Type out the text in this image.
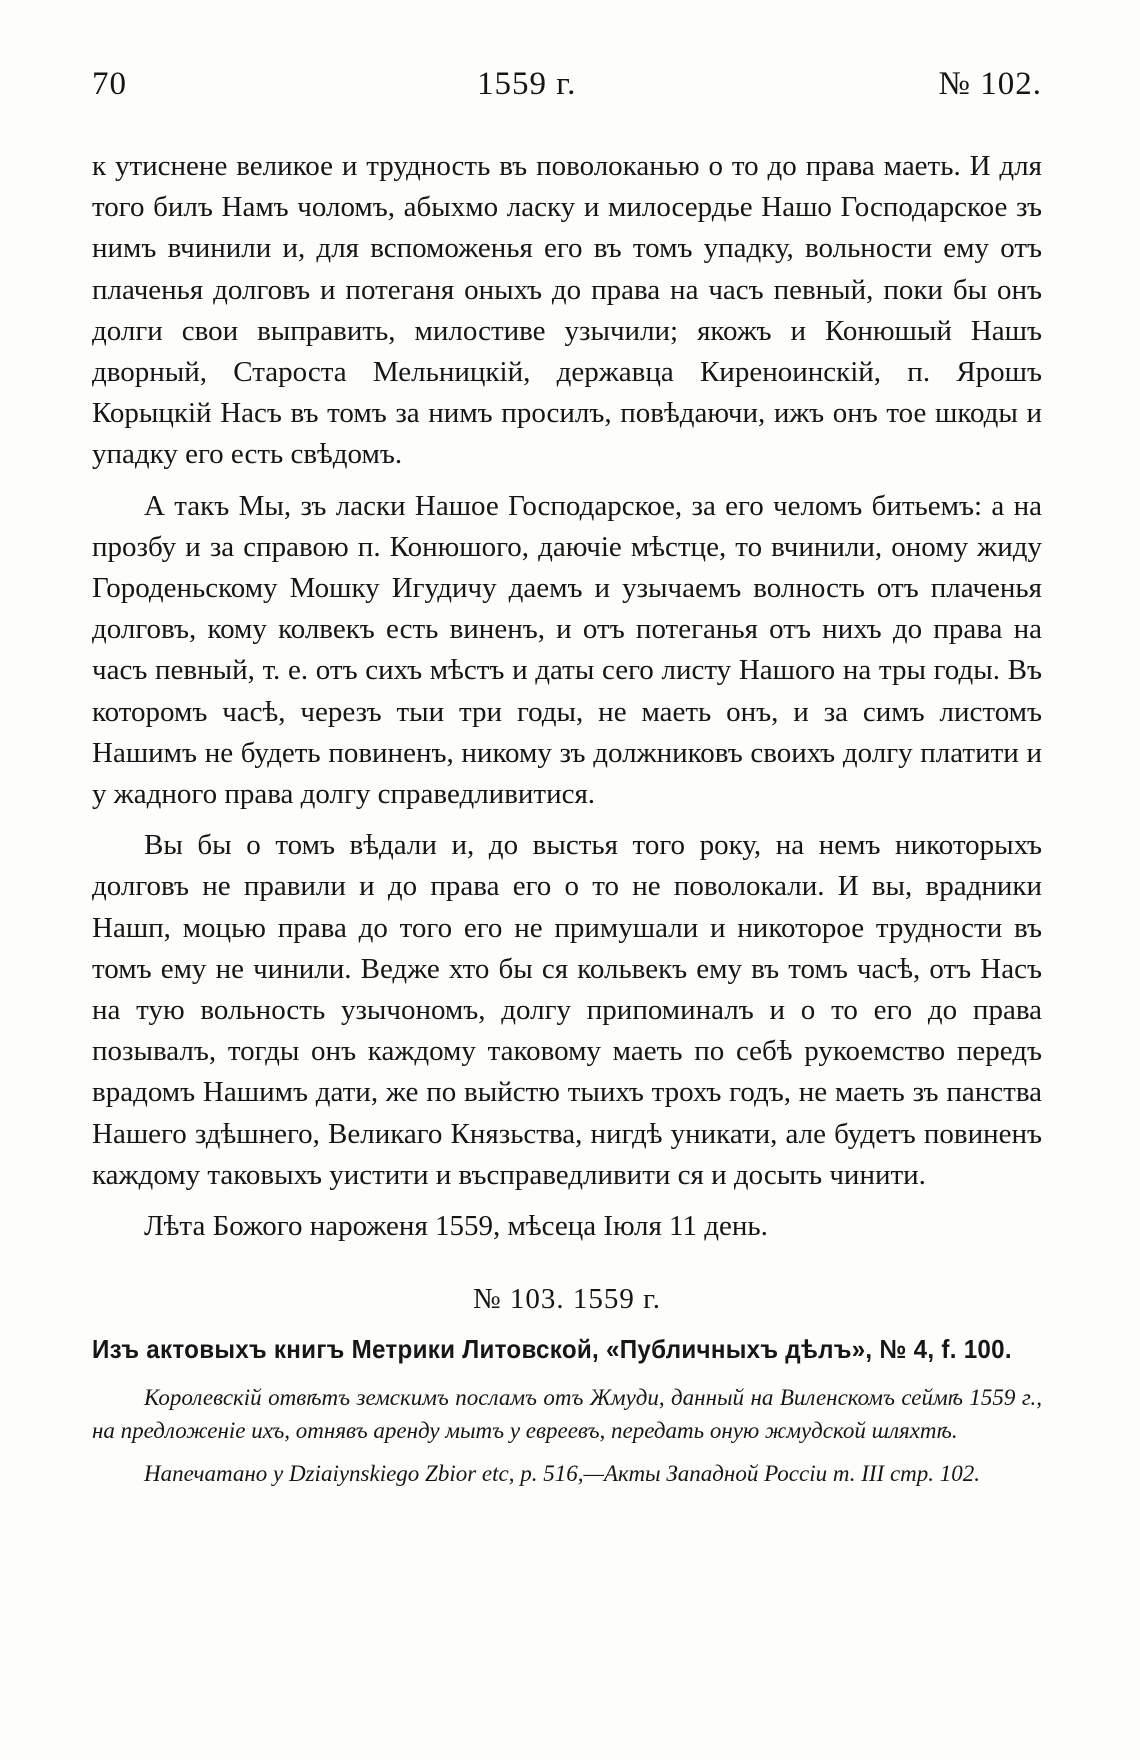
70	1559 г.	№ 102.

к утиснене великое и трудность въ поволоканью о то до права маеть. И для того билъ Намъ чоломъ, абыхмо ласку и милосердье Нашо Господарское зъ нимъ вчинили и, для вспоможенья его въ томъ упадку, вольности ему отъ плаченья долговъ и потеганя оныхъ до права на часъ певный, поки бы онъ долги свои выправить, милостиве узычили; якожъ и Конюшый Нашъ дворный, Староста Мельницкій, державца Киреноинскій, п. Ярошъ Корыцкій Насъ въ томъ за нимъ просилъ, повѣдаючи, ижъ онъ тое шкоды и упадку его есть свѣдомъ.

А такъ Мы, зъ ласки Нашое Господарское, за его челомъ битьемъ: а на прозбу и за справою п. Конюшого, даючіе мѣстце, то вчинили, оному жиду Городеньскому Мошку Игудичу даемъ и узычаемъ волность отъ плаченья долговъ, кому колвекъ есть виненъ, и отъ потеганья отъ нихъ до права на часъ певный, т. е. отъ сихъ мѣстъ и даты сего листу Нашого на тры годы. Въ которомъ часѣ, черезъ тыи три годы, не маеть онъ, и за симъ листомъ Нашимъ не будеть повиненъ, никому зъ должниковъ своихъ долгу платити и у жадного права долгу справедливитися.

Вы бы о томъ вѣдали и, до выстья того року, на немъ никоторыхъ долговъ не правили и до права его о то не поволокали. И вы, врадники Нашп, моцью права до того его не примушали и никоторое трудности въ томъ ему не чинили. Ведже хто бы ся кольвекъ ему въ томъ часѣ, отъ Насъ на тую вольность узычономъ, долгу припоминалъ и о то его до права позывалъ, тогды онъ каждому таковому маеть по себѣ рукоемство передъ врадомъ Нашимъ дати, же по выйстю тыихъ трохъ годъ, не маеть зъ панства Нашего здѣшнего, Великаго Князьства, нигдѣ уникати, але будетъ повиненъ каждому таковыхъ уистити и въсправедливити ся и досыть чинити.

Лѣта Божого нароженя 1559, мѣсеца Іюля 11 день.

№ 103. 1559 г.
Изъ актовыхъ книгъ Метрики Литовской, «Публичныхъ дѣлъ», № 4, f. 100.
Королевскій отвѣтъ земскимъ посламъ отъ Жмуди, данный на Виленскомъ сеймѣ 1559 г., на предложеніе ихъ, отнявъ аренду мытъ у евреевъ, передать оную жмудской шляхтѣ.
Напечатано у Dziaіynskiego Zbior etc, p. 516,—Акты Западной Россіи т. III стр. 102.
